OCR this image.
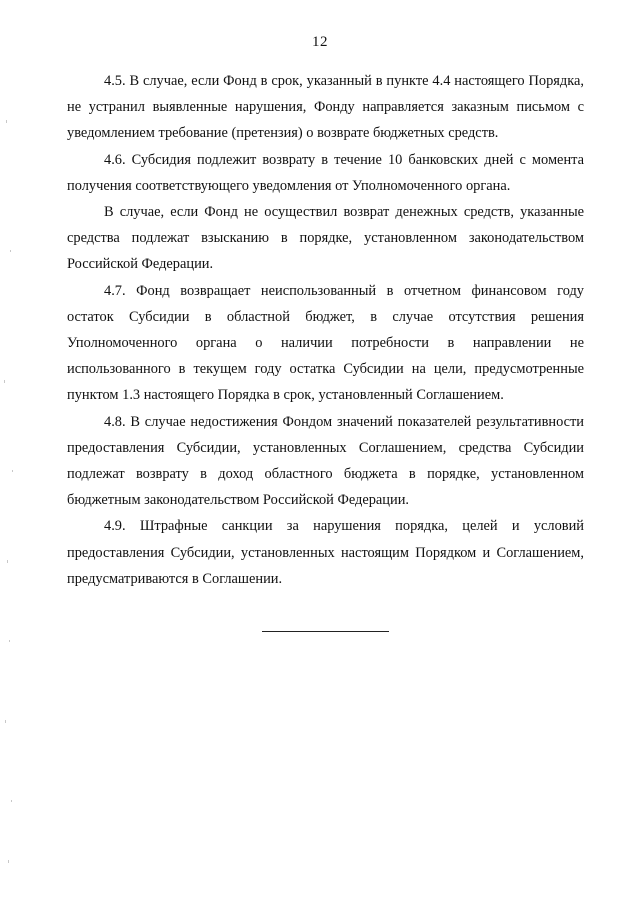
12

4.5. В случае, если Фонд в срок, указанный в пункте 4.4 настоящего Порядка, не устранил выявленные нарушения, Фонду направляется заказным письмом с уведомлением требование (претензия) о возврате бюджетных средств.

4.6. Субсидия подлежит возврату в течение 10 банковских дней с момента получения соответствующего уведомления от Уполномоченного органа.

В случае, если Фонд не осуществил возврат денежных средств, указанные средства подлежат взысканию в порядке, установленном законодательством Российской Федерации.

4.7. Фонд возвращает неиспользованный в отчетном финансовом году остаток Субсидии в областной бюджет, в случае отсутствия решения Уполномоченного органа о наличии потребности в направлении не использованного в текущем году остатка Субсидии на цели, предусмотренные пунктом 1.3 настоящего Порядка в срок, установленный Соглашением.

4.8. В случае недостижения Фондом значений показателей результативности предоставления Субсидии, установленных Соглашением, средства Субсидии подлежат возврату в доход областного бюджета в порядке, установленном бюджетным законодательством Российской Федерации.

4.9. Штрафные санкции за нарушения порядка, целей и условий предоставления Субсидии, установленных настоящим Порядком и Соглашением, предусматриваются в Соглашении.
